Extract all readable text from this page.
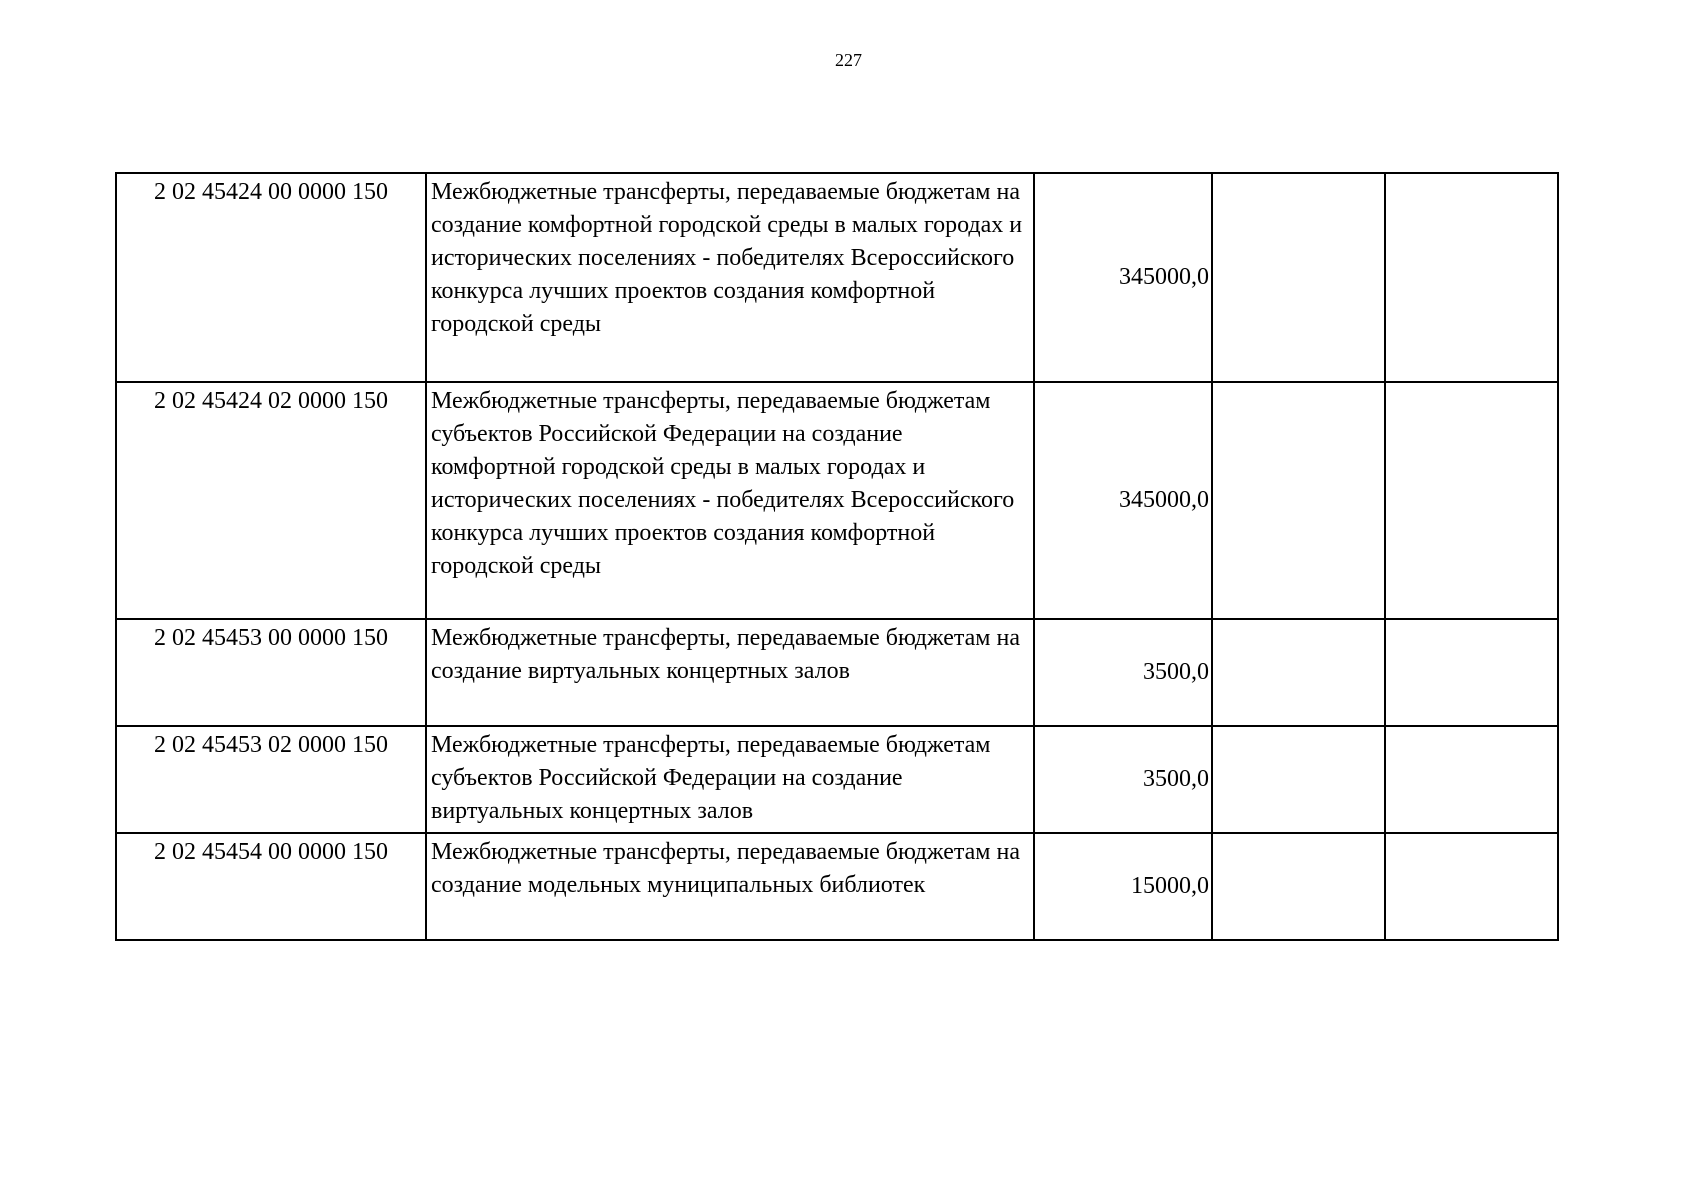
227
2 02 45424 00 0000 150	Межбюджетные трансферты, передаваемые бюджетам на создание комфортной городской среды в малых городах и исторических поселениях - победителях Всероссийского конкурса лучших проектов создания комфортной городской среды	345000,0		
2 02 45424 02 0000 150	Межбюджетные трансферты, передаваемые бюджетам субъектов Российской Федерации на создание комфортной городской среды в малых городах и исторических поселениях - победителях Всероссийского конкурса лучших проектов создания комфортной городской среды	345000,0		
2 02 45453 00 0000 150	Межбюджетные трансферты, передаваемые бюджетам на создание виртуальных концертных залов	3500,0		
2 02 45453 02 0000 150	Межбюджетные трансферты, передаваемые бюджетам субъектов Российской Федерации на создание виртуальных концертных залов	3500,0		
2 02 45454 00 0000 150	Межбюджетные трансферты, передаваемые бюджетам на создание модельных муниципальных библиотек	15000,0		
